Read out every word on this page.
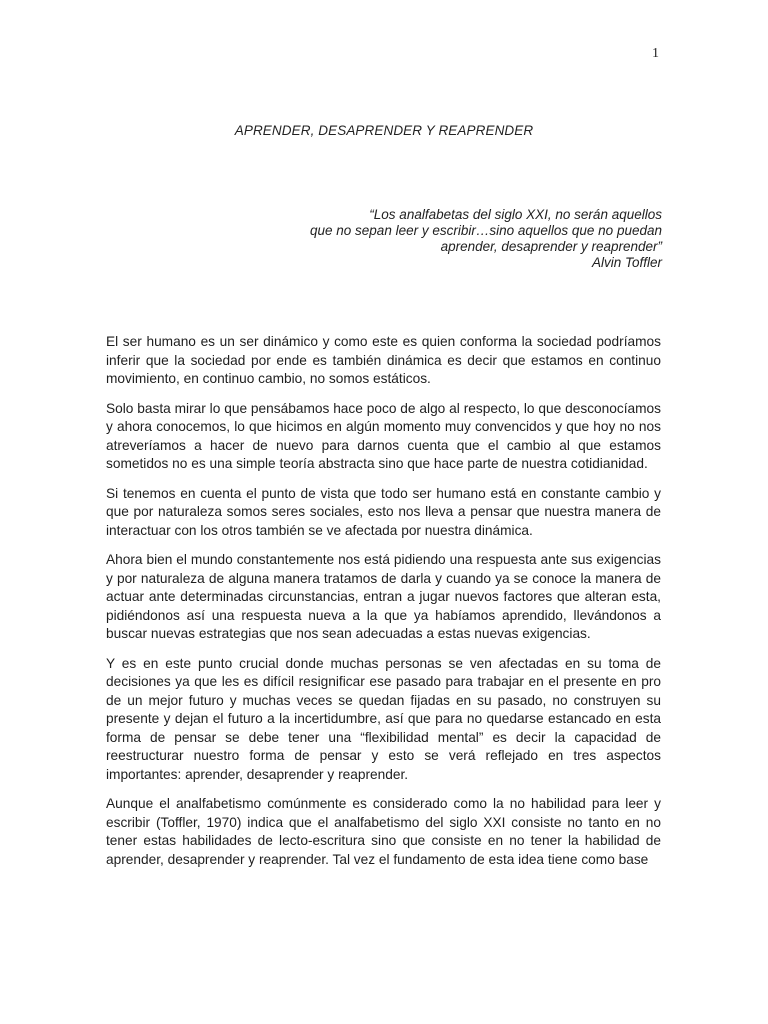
1
APRENDER, DESAPRENDER Y REAPRENDER
“Los analfabetas del siglo XXI, no serán aquellos
que no sepan leer y escribir…sino aquellos que no puedan
aprender, desaprender y reaprender”
Alvin Toffler

El ser humano es un ser dinámico y como este es quien conforma la sociedad podríamos inferir que la sociedad por ende es también dinámica es decir que estamos en continuo movimiento, en continuo cambio, no somos estáticos.

Solo basta mirar lo que pensábamos hace poco de algo al respecto, lo que desconocíamos y ahora conocemos, lo que hicimos en algún momento muy convencidos y que hoy no nos atreveríamos a hacer de nuevo para darnos cuenta que el cambio al que estamos sometidos no es una simple teoría abstracta sino que hace parte de nuestra cotidianidad.

Si tenemos en cuenta el punto de vista que todo ser humano está en constante cambio y que por naturaleza somos seres sociales, esto nos lleva a pensar que nuestra manera de interactuar con los otros también se ve afectada por nuestra dinámica.

Ahora bien el mundo constantemente nos está pidiendo una respuesta ante sus exigencias y por naturaleza de alguna manera tratamos de darla y cuando ya se conoce la manera de actuar ante determinadas circunstancias, entran a jugar nuevos factores que alteran esta, pidiéndonos así una respuesta nueva a la que ya habíamos aprendido, llevándonos a buscar nuevas estrategias que nos sean adecuadas a estas nuevas exigencias.

Y es en este punto crucial donde muchas personas se ven afectadas en su toma de decisiones ya que les es difícil resignificar ese pasado para trabajar en el presente en pro de un mejor futuro y muchas veces se quedan fijadas en su pasado, no construyen su presente y dejan el futuro a la incertidumbre, así que para no quedarse estancado en esta forma de pensar se debe tener una “flexibilidad mental” es decir la capacidad de reestructurar nuestro forma de pensar y esto se verá reflejado en tres aspectos importantes: aprender, desaprender y reaprender.

Aunque el analfabetismo comúnmente es considerado como la no habilidad para leer y escribir (Toffler, 1970) indica que el analfabetismo del siglo XXI consiste no tanto en no tener estas habilidades de lecto-escritura sino que consiste en no tener la habilidad de aprender, desaprender y reaprender. Tal vez el fundamento de esta idea tiene como base
